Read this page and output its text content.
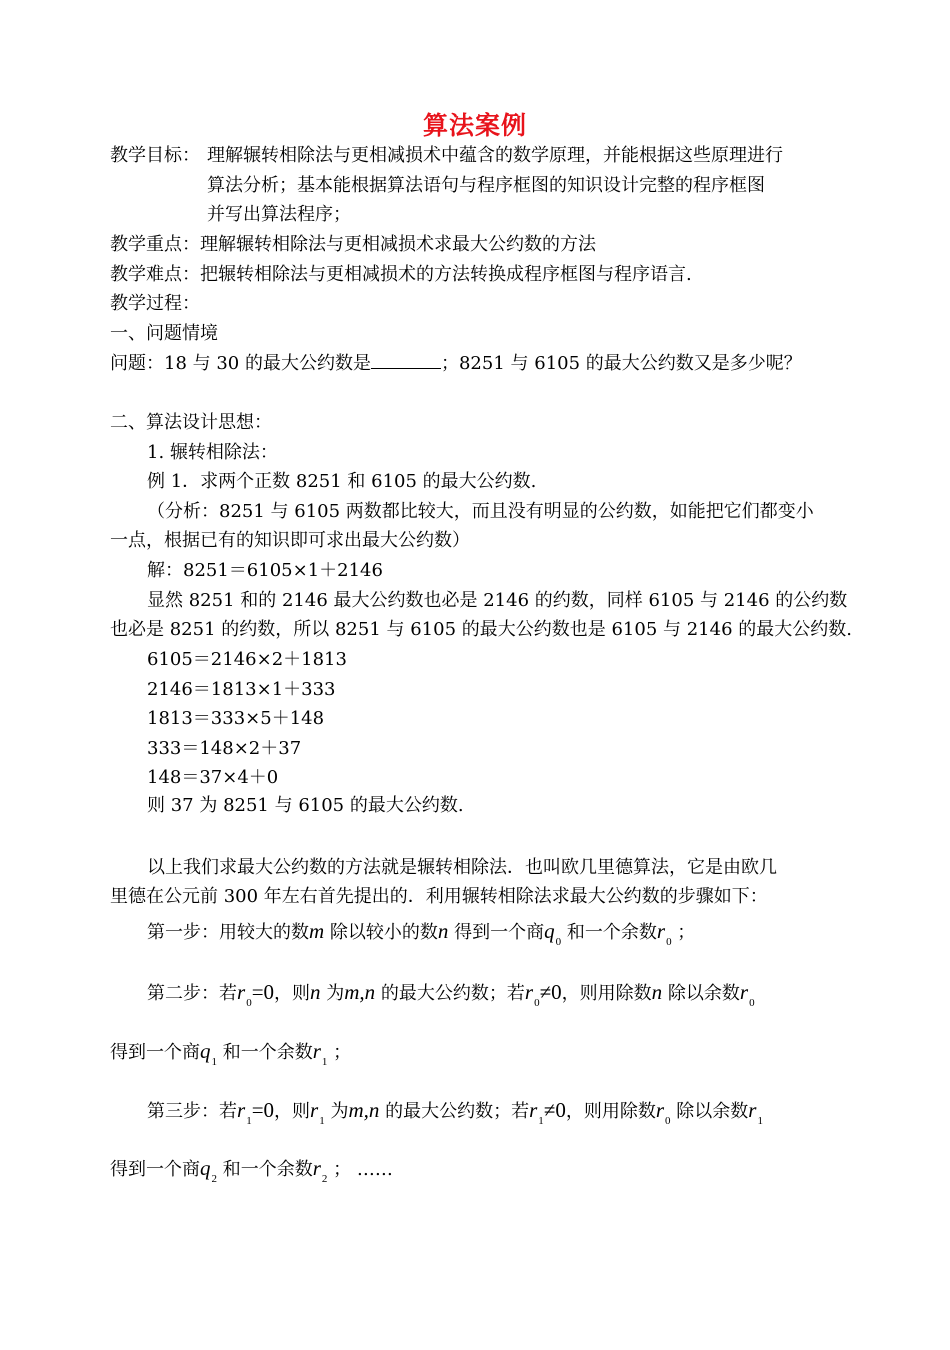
算法案例
教学目标： 理解辗转相除法与更相减损术中蕴含的数学原理，并能根据这些原理进行
算法分析；基本能根据算法语句与程序框图的知识设计完整的程序框图
并写出算法程序；
教学重点：理解辗转相除法与更相减损术求最大公约数的方法
教学难点：把辗转相除法与更相减损术的方法转换成程序框图与程序语言.
教学过程：
一、问题情境
问题：18 与 30 的最大公约数是	；8251 与 6105 的最大公约数又是多少呢？
二、算法设计思想：
1. 辗转相除法：
例 1．求两个正数 8251 和 6105 的最大公约数.
（分析：8251 与 6105 两数都比较大，而且没有明显的公约数，如能把它们都变小
一点，根据已有的知识即可求出最大公约数）
解：8251＝6105×1＋2146
显然 8251 和的 2146 最大公约数也必是 2146 的约数，同样 6105 与 2146 的公约数
也必是 8251 的约数，所以 8251 与 6105 的最大公约数也是 6105 与 2146 的最大公约数.
6105＝2146×2＋1813
2146＝1813×1＋333
1813＝333×5＋148
333＝148×2＋37
148＝37×4＋0
则 37 为 8251 与 6105 的最大公约数.
以上我们求最大公约数的方法就是辗转相除法．也叫欧几里德算法，它是由欧几
里德在公元前 300 年左右首先提出的．利用辗转相除法求最大公约数的步骤如下：
第一步：用较大的数m 除以较小的数n 得到一个商$q_0$ 和一个余数$r_0$ ；
第二步：若$r_0=0$，则n 为m,n 的最大公约数；若$r_0\ne 0$，则用除数n 除以余数$r_0$
得到一个商$q_1$ 和一个余数$r_1$ ；
第三步：若$r_1=0$，则$r_1$ 为m,n 的最大公约数；若$r_1\ne 0$，则用除数$r_0$ 除以余数$r_1$
得到一个商$q_2$ 和一个余数$r_2$ ； ……
